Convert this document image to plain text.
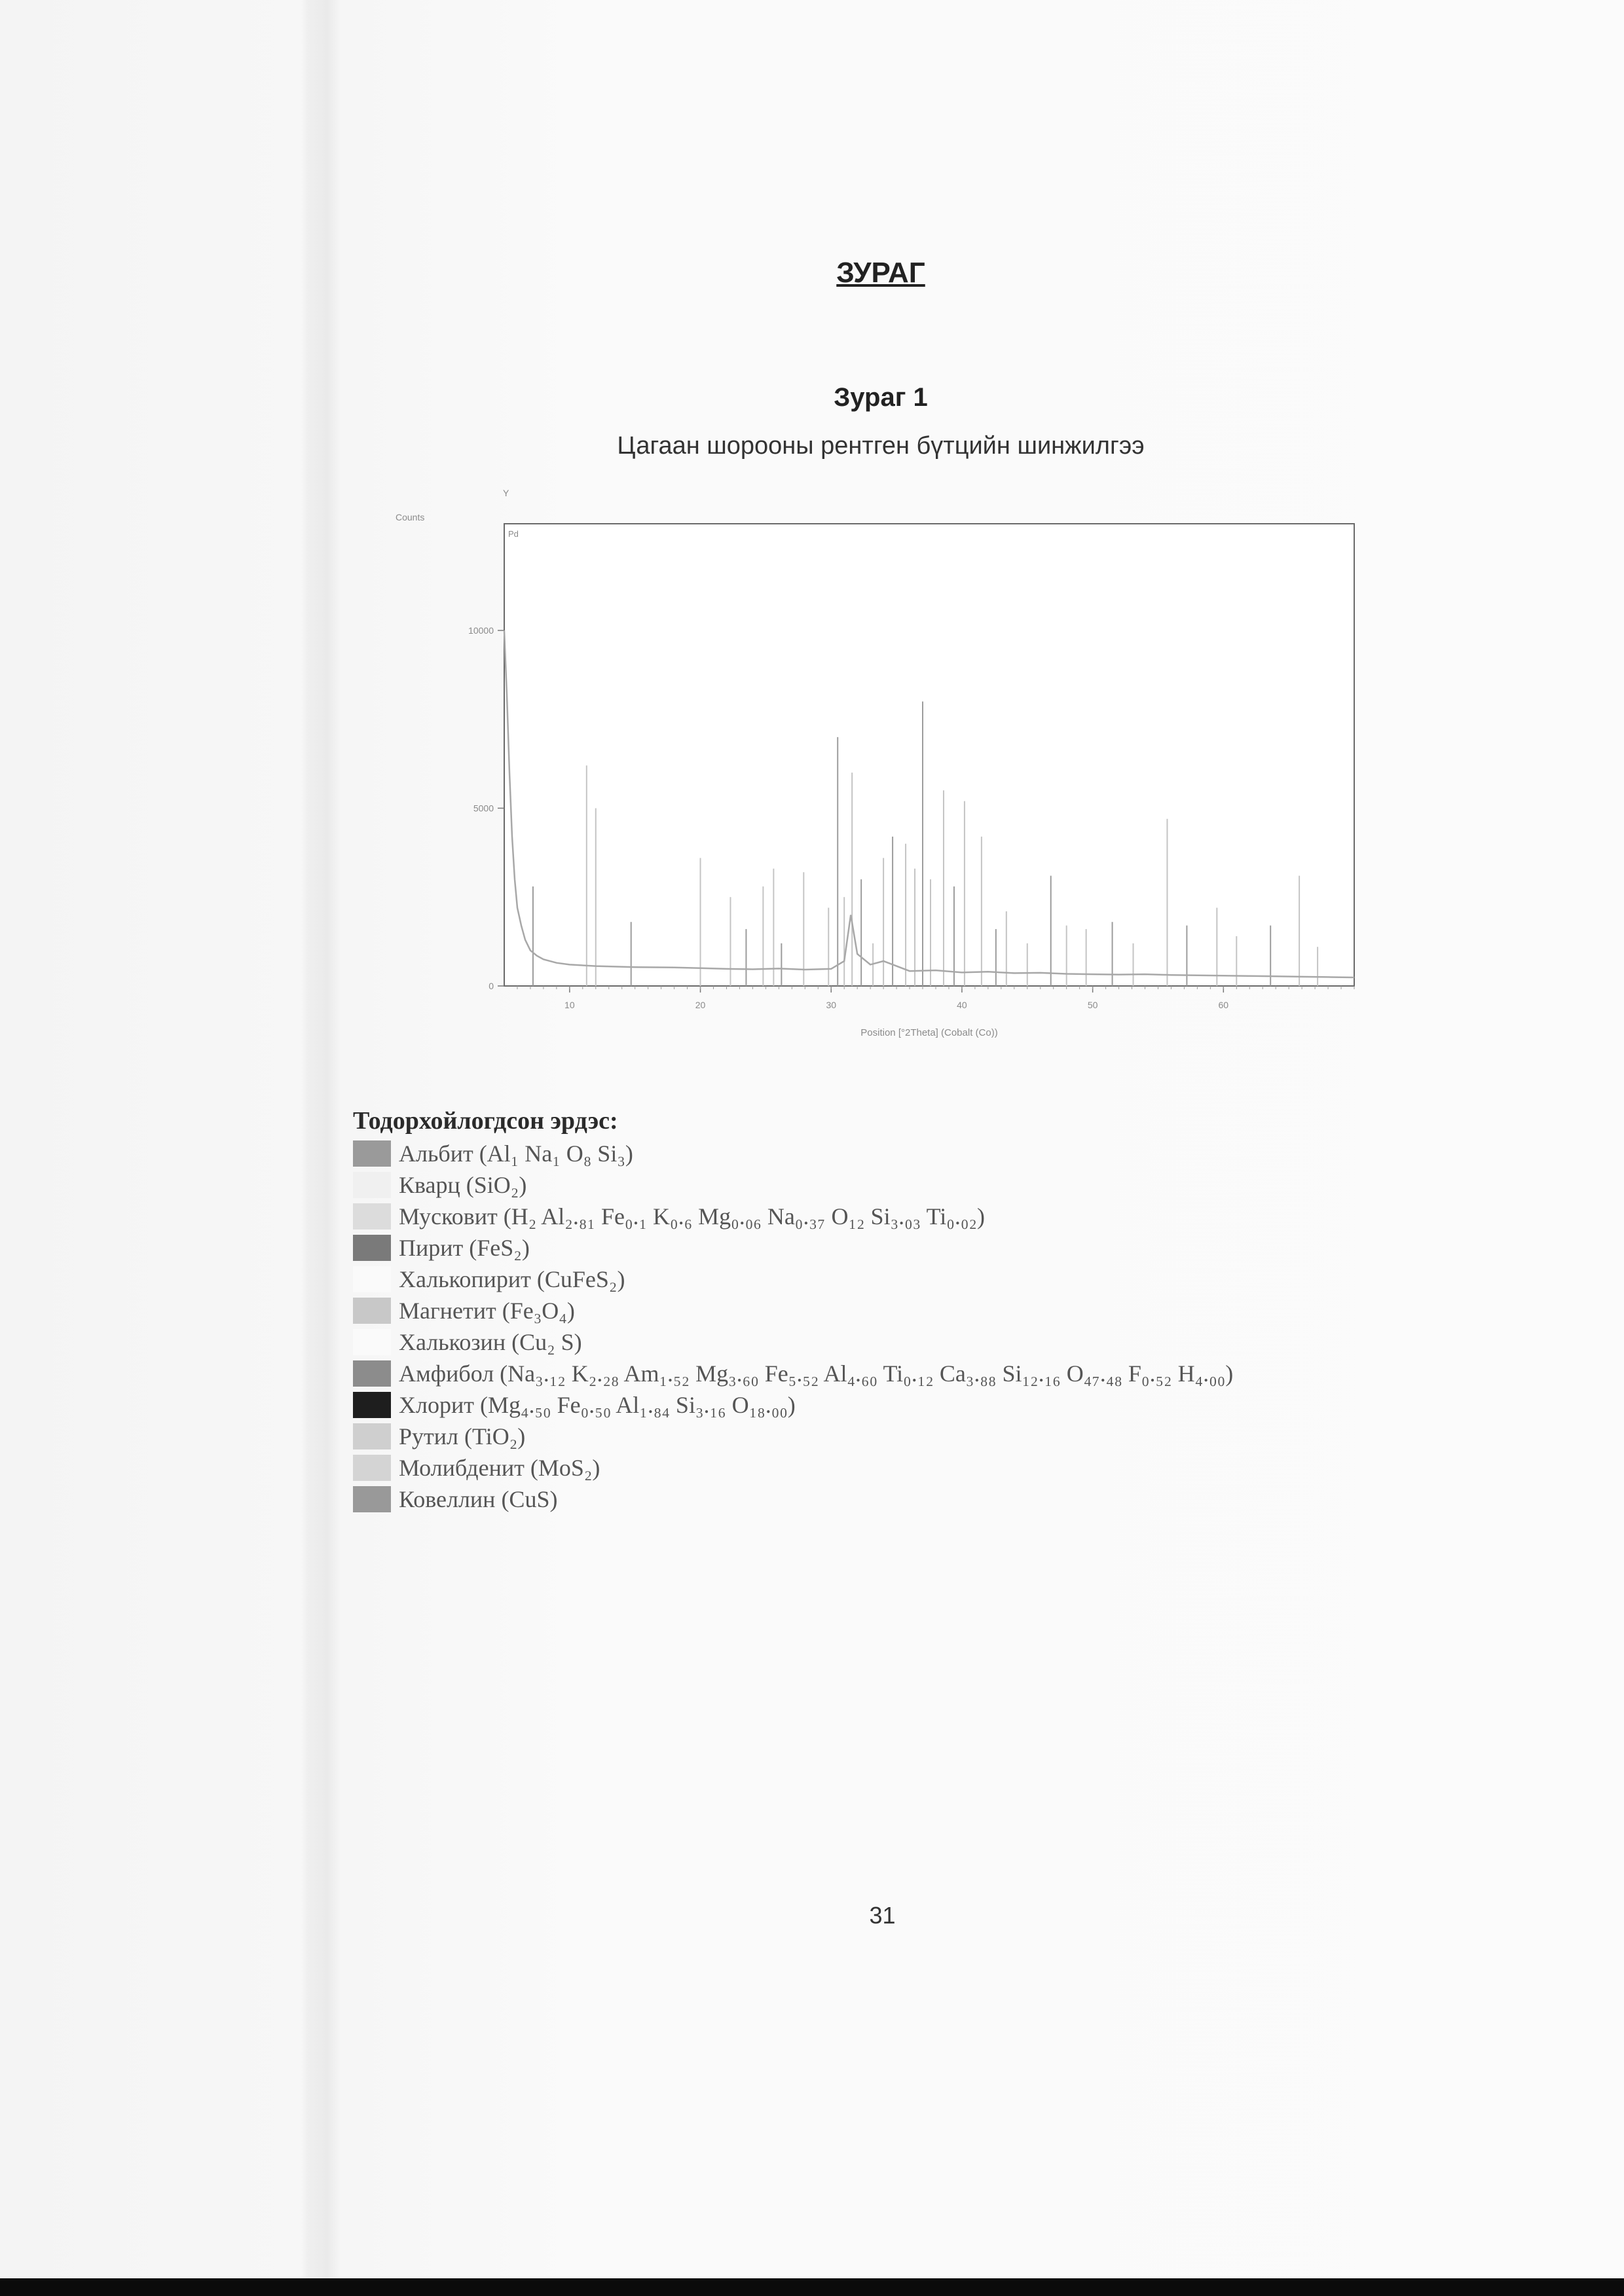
ЗУРАГ
Зураг 1
Цагаан шорооны рентген бүтцийн шинжилгээ
Counts
Y
Pd
Position [°2Theta] (Cobalt (Co))
0
5000
10000
10	20	30	40	50	60
Тодорхойлогдсон эрдэс:
Альбит (Al₁ Na₁ O₈ Si₃)
Кварц (SiO₂)
Мусковит (H₂ Al₂.₈₁ Fe₀.₁ K₀.₆ Mg₀.₀₆ Na₀.₃₇ O₁₂ Si₃.₀₃ Ti₀.₀₂)
Пирит (FeS₂)
Халькопирит (CuFeS₂)
Магнетит (Fe₃O₄)
Халькозин (Cu₂ S)
Амфибол (Na₃.₁₂ K₂.₂₈ Am₁.₅₂ Mg₃.₆₀ Fe₅.₅₂ Al₄.₆₀ Ti₀.₁₂ Ca₃.₈₈ Si₁₂.₁₆ O₄₇.₄₈ F₀.₅₂ H₄.₀₀)
Хлорит (Mg₄.₅₀ Fe₀.₅₀ Al₁.₈₄ Si₃.₁₆ O₁₈.₀₀)
Рутил (TiO₂)
Молибденит (MoS₂)
Ковеллин (CuS)
31
